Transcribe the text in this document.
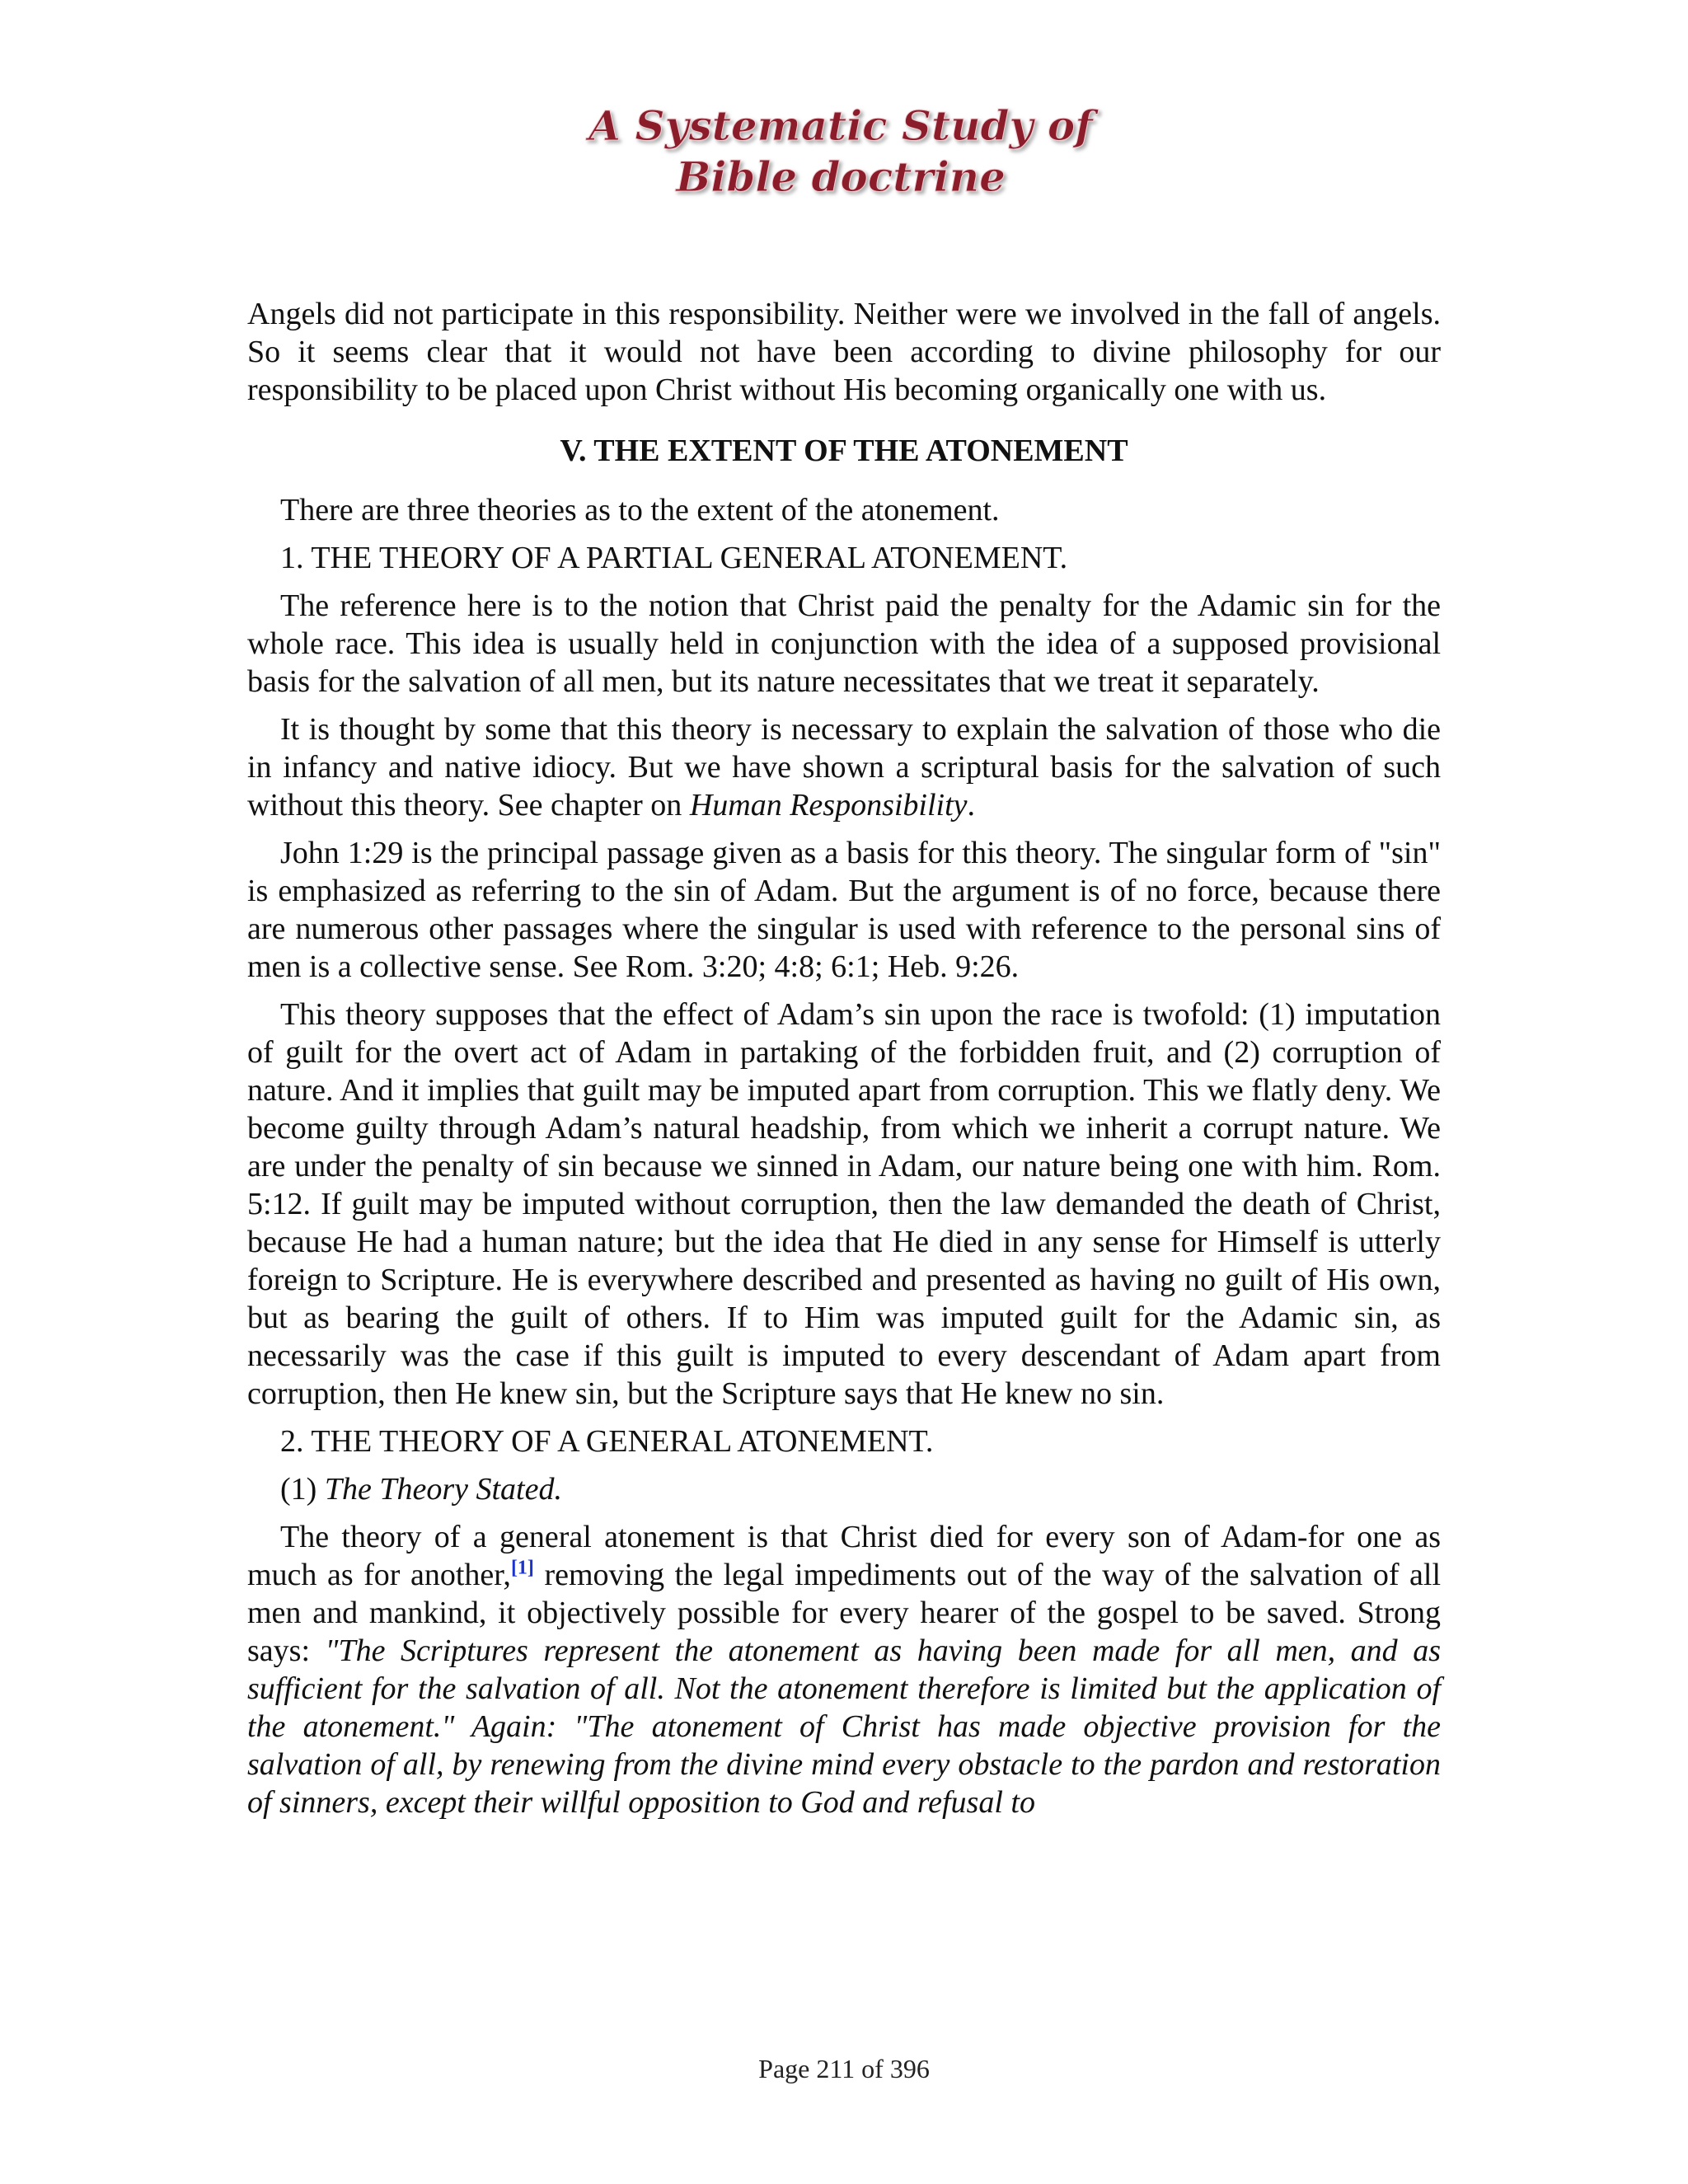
A Systematic Study of
Bible doctrine

Angels did not participate in this responsibility. Neither were we involved in the fall of angels. So it seems clear that it would not have been according to divine philosophy for our responsibility to be placed upon Christ without His becoming organically one with us.

V. THE EXTENT OF THE ATONEMENT

There are three theories as to the extent of the atonement.

1. THE THEORY OF A PARTIAL GENERAL ATONEMENT.

The reference here is to the notion that Christ paid the penalty for the Adamic sin for the whole race. This idea is usually held in conjunction with the idea of a supposed provisional basis for the salvation of all men, but its nature necessitates that we treat it separately.

It is thought by some that this theory is necessary to explain the salvation of those who die in infancy and native idiocy. But we have shown a scriptural basis for the salvation of such without this theory. See chapter on Human Responsibility.

John 1:29 is the principal passage given as a basis for this theory. The singular form of "sin" is emphasized as referring to the sin of Adam. But the argument is of no force, because there are numerous other passages where the singular is used with reference to the personal sins of men is a collective sense. See Rom. 3:20; 4:8; 6:1; Heb. 9:26.

This theory supposes that the effect of Adam’s sin upon the race is twofold: (1) imputation of guilt for the overt act of Adam in partaking of the forbidden fruit, and (2) corruption of nature. And it implies that guilt may be imputed apart from corruption. This we flatly deny. We become guilty through Adam’s natural headship, from which we inherit a corrupt nature. We are under the penalty of sin because we sinned in Adam, our nature being one with him. Rom. 5:12. If guilt may be imputed without corruption, then the law demanded the death of Christ, because He had a human nature; but the idea that He died in any sense for Himself is utterly foreign to Scripture. He is everywhere described and presented as having no guilt of His own, but as bearing the guilt of others. If to Him was imputed guilt for the Adamic sin, as necessarily was the case if this guilt is imputed to every descendant of Adam apart from corruption, then He knew sin, but the Scripture says that He knew no sin.

2. THE THEORY OF A GENERAL ATONEMENT.

(1) The Theory Stated.

The theory of a general atonement is that Christ died for every son of Adam-for one as much as for another,[1] removing the legal impediments out of the way of the salvation of all men and mankind, it objectively possible for every hearer of the gospel to be saved. Strong says: "The Scriptures represent the atonement as having been made for all men, and as sufficient for the salvation of all. Not the atonement therefore is limited but the application of the atonement." Again: "The atonement of Christ has made objective provision for the salvation of all, by renewing from the divine mind every obstacle to the pardon and restoration of sinners, except their willful opposition to God and refusal to

Page 211 of 396
